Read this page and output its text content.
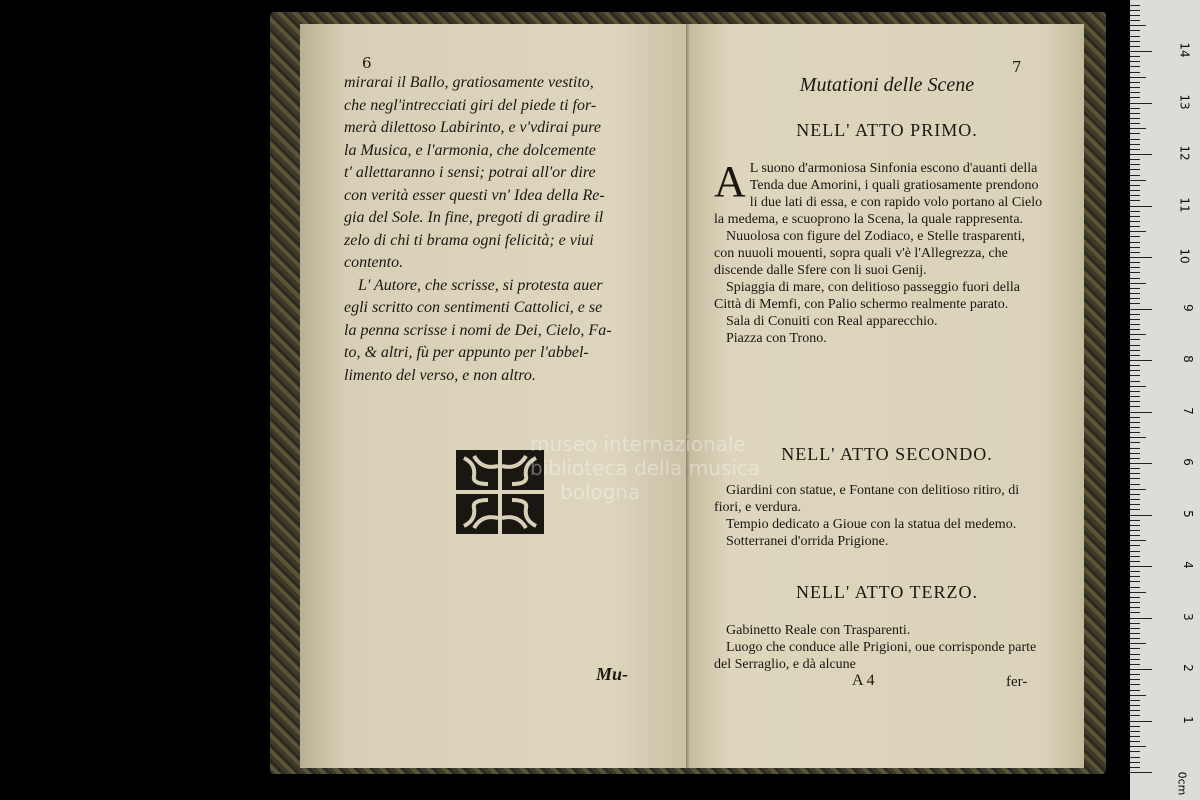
6

mirarai il Ballo, gratiosamente vestito,

che negl'intrecciati giri del piede ti for-

merà dilettoso Labirinto, e v'vdirai pure

la Musica, e l'armonia, che dolcemente

t' allettaranno i sensi; potrai all'or dire

con verità esser questi vn' Idea della Re-

gia del Sole. In fine, pregoti di gradire il

zelo di chi ti brama ogni felicità; e viui

contento.

L' Autore, che scrisse, si protesta auer

egli scritto con sentimenti Cattolici, e se

la penna scrisse i nomi de Dei, Cielo, Fa-

to, & altri, fù per appunto per l'abbel-

limento del verso, e non altro.

Mu-
7
Mutationi delle Scene
NELL' ATTO PRIMO.

A L suono d'armoniosa Sinfonia escono d'auanti della Tenda due Amorini, i quali gratiosamente prendono li due lati di essa, e con rapido volo portano al Cielo la medema, e scuoprono la Scena, la quale rappresenta.

Nuuolosa con figure del Zodiaco, e Stelle trasparenti, con nuuoli mouenti, sopra quali v'è l'Allegrezza, che discende dalle Sfere con li suoi Genij.

Spiaggia di mare, con delitioso passeggio fuori della Città di Memfi, con Palio schermo realmente parato.

Sala di Conuiti con Real apparecchio.

Piazza con Trono.

NELL' ATTO SECONDO.

Giardini con statue, e Fontane con delitioso ritiro, di fiori, e verdura.

Tempio dedicato a Gioue con la statua del medemo.

Sotterranei d'orrida Prigione.

NELL' ATTO TERZO.

Gabinetto Reale con Trasparenti.

Luogo che conduce alle Prigioni, oue corrisponde parte del Serraglio, e dà alcune

A 4	fer-
museo internazionale
biblioteca della musica
bologna
1
2
3
4
5
6
7
8
9
10
11
12
13
14
0cm
